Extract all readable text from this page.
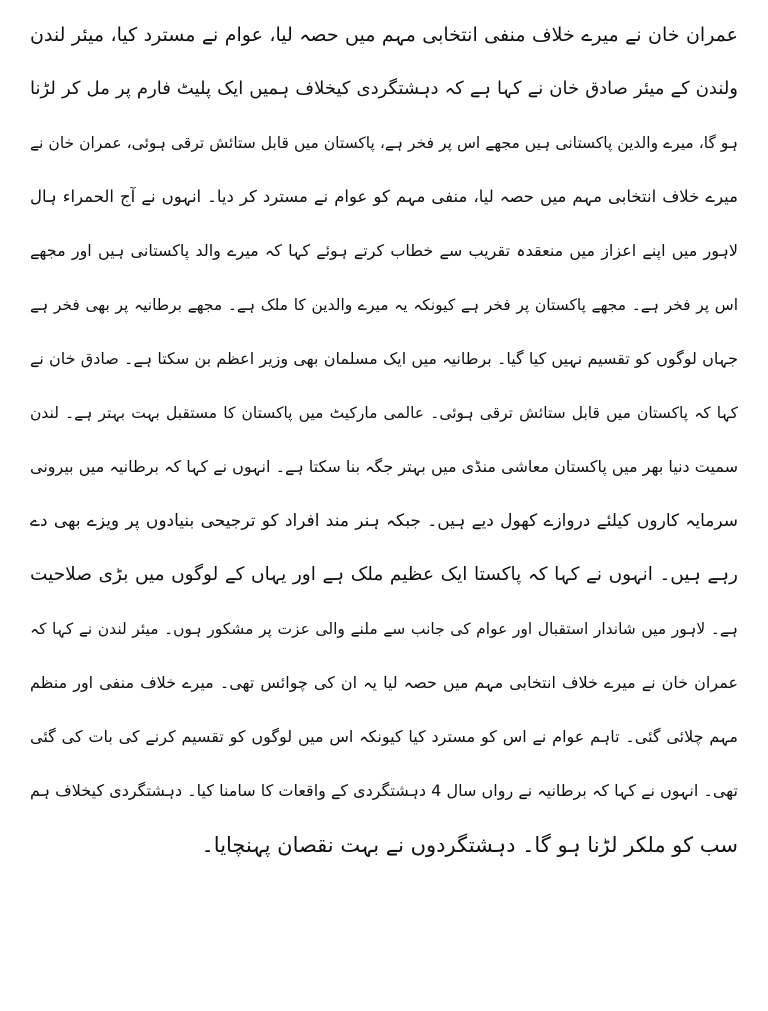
عمران خان نے میرے خلاف منفی انتخابی مہم میں حصہ لیا، عوام نے مسترد کیا، میئر لندن
ولندن کے میئر صادق خان نے کہا ہے کہ دہشتگردی کیخلاف ہمیں ایک پلیٹ فارم پر مل کر لڑنا
ہو گا، میرے والدین پاکستانی ہیں مجھے اس پر فخر ہے، پاکستان میں قابل ستائش ترقی ہوئی، عمران خان نے
میرے خلاف انتخابی مہم میں حصہ لیا، منفی مہم کو عوام نے مسترد کر دیا۔ انہوں نے آج الحمراء ہال
لاہور میں اپنے اعزاز میں منعقدہ تقریب سے خطاب کرتے ہوئے کہا کہ میرے والد پاکستانی ہیں اور مجھے
اس پر فخر ہے۔ مجھے پاکستان پر فخر ہے کیونکہ یہ میرے والدین کا ملک ہے۔ مجھے برطانیہ پر بھی فخر ہے
جہاں لوگوں کو تقسیم نہیں کیا گیا۔ برطانیہ میں ایک مسلمان بھی وزیر اعظم بن سکتا ہے۔ صادق خان نے
کہا کہ پاکستان میں قابل ستائش ترقی ہوئی۔ عالمی مارکیٹ میں پاکستان کا مستقبل بہت بہتر ہے۔ لندن
سمیت دنیا بھر میں پاکستان معاشی منڈی میں بہتر جگہ بنا سکتا ہے۔ انہوں نے کہا کہ برطانیہ میں بیرونی
سرمایہ کاروں کیلئے دروازے کھول دیے ہیں۔ جبکہ ہنر مند افراد کو ترجیحی بنیادوں پر ویزے بھی دے
رہے ہیں۔ انہوں نے کہا کہ پاکستا ایک عظیم ملک ہے اور یہاں کے لوگوں میں بڑی صلاحیت
ہے۔ لاہور میں شاندار استقبال اور عوام کی جانب سے ملنے والی عزت پر مشکور ہوں۔ میئر لندن نے کہا کہ
عمران خان نے میرے خلاف انتخابی مہم میں حصہ لیا یہ ان کی چوائس تھی۔ میرے خلاف منفی اور منظم
مہم چلائی گئی۔ تاہم عوام نے اس کو مسترد کیا کیونکہ اس میں لوگوں کو تقسیم کرنے کی بات کی گئی
تھی۔ انہوں نے کہا کہ برطانیہ نے رواں سال 4 دہشتگردی کے واقعات کا سامنا کیا۔ دہشتگردی کیخلاف ہم
سب کو ملکر لڑنا ہو گا۔ دہشتگردوں نے بہت نقصان پہنچایا۔
